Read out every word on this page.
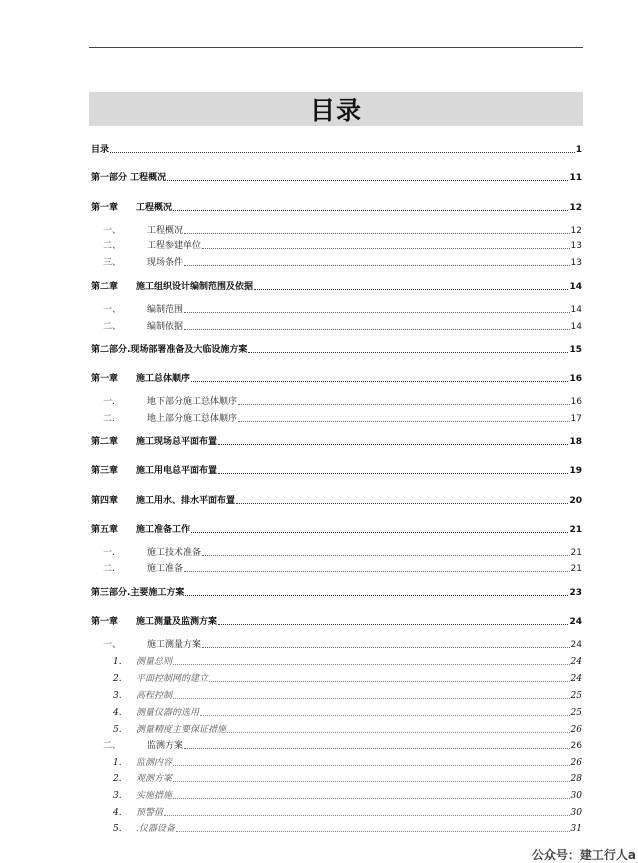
目录
目录	1
第一部分 工程概况	11
第一章	工程概况	12
一、	工程概况	12
二、	工程参建单位	13
三、	现场条件	13
第二章	施工组织设计编制范围及依据	14
一、	编制范围	14
二、	编制依据	14
第二部分.现场部署准备及大临设施方案	15
第一章	施工总体顺序	16
一.	地下部分施工总体顺序	16
二.	地上部分施工总体顺序	17
第二章	施工现场总平面布置	18
第三章	施工用电总平面布置	19
第四章	施工用水、排水平面布置	20
第五章	施工准备工作	21
一.	施工技术准备	21
二.	施工准备	21
第三部分.主要施工方案	23
第一章	施工测量及监测方案	24
一、	施工测量方案	24
1.	测量总则	24
2.	平面控制网的建立	24
3.	高程控制	25
4.	测量仪器的选用	25
5.	测量精度主要保证措施	26
二、	监测方案	26
1.	监测内容	26
2.	观测方案	28
3.	实施措施	30
4.	预警值	30
5.	.仪器设备	31
公众号：建工行人a
